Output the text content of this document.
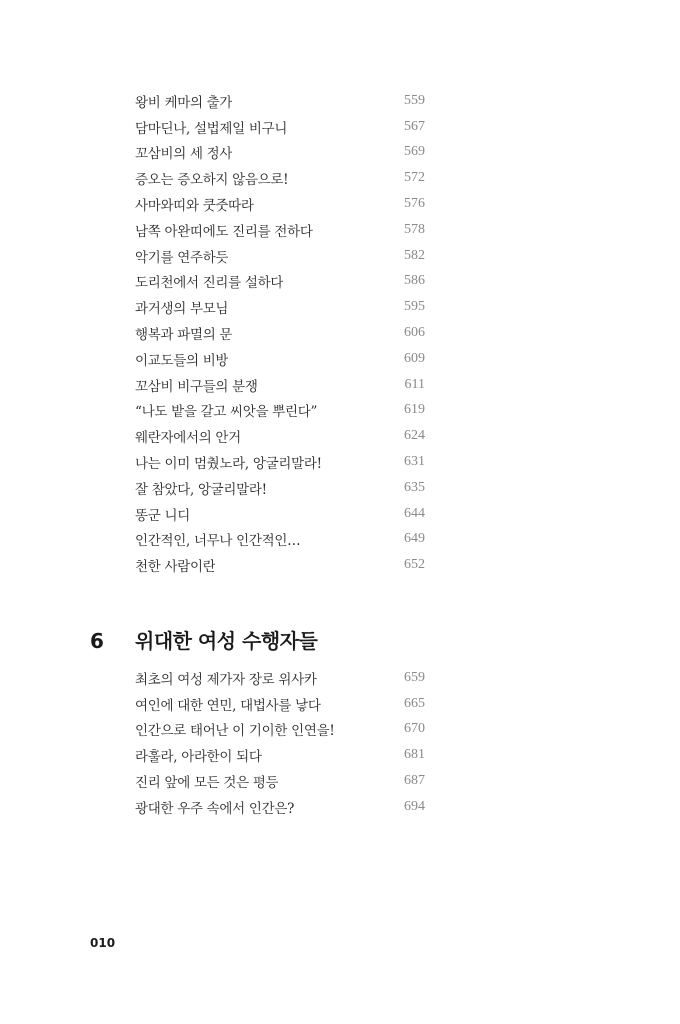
왕비 케마의 출가	559
담마딘나, 설법제일 비구니	567
꼬삼비의 세 정사	569
증오는 증오하지 않음으로!	572
사마와띠와 쿳줏따라	576
남쪽 아완띠에도 진리를 전하다	578
악기를 연주하듯	582
도리천에서 진리를 설하다	586
과거생의 부모님	595
행복과 파멸의 문	606
이교도들의 비방	609
꼬삼비 비구들의 분쟁	611
“나도 밭을 갈고 씨앗을 뿌린다”	619
웨란자에서의 안거	624
나는 이미 멈췄노라, 앙굴리말라!	631
잘 참았다, 앙굴리말라!	635
똥군 니디	644
인간적인, 너무나 인간적인…	649
천한 사람이란	652
6	위대한 여성 수행자들
최초의 여성 제가자 장로 위사카	659
여인에 대한 연민, 대법사를 낳다	665
인간으로 태어난 이 기이한 인연을!	670
라훌라, 아라한이 되다	681
진리 앞에 모든 것은 평등	687
광대한 우주 속에서 인간은?	694
010
